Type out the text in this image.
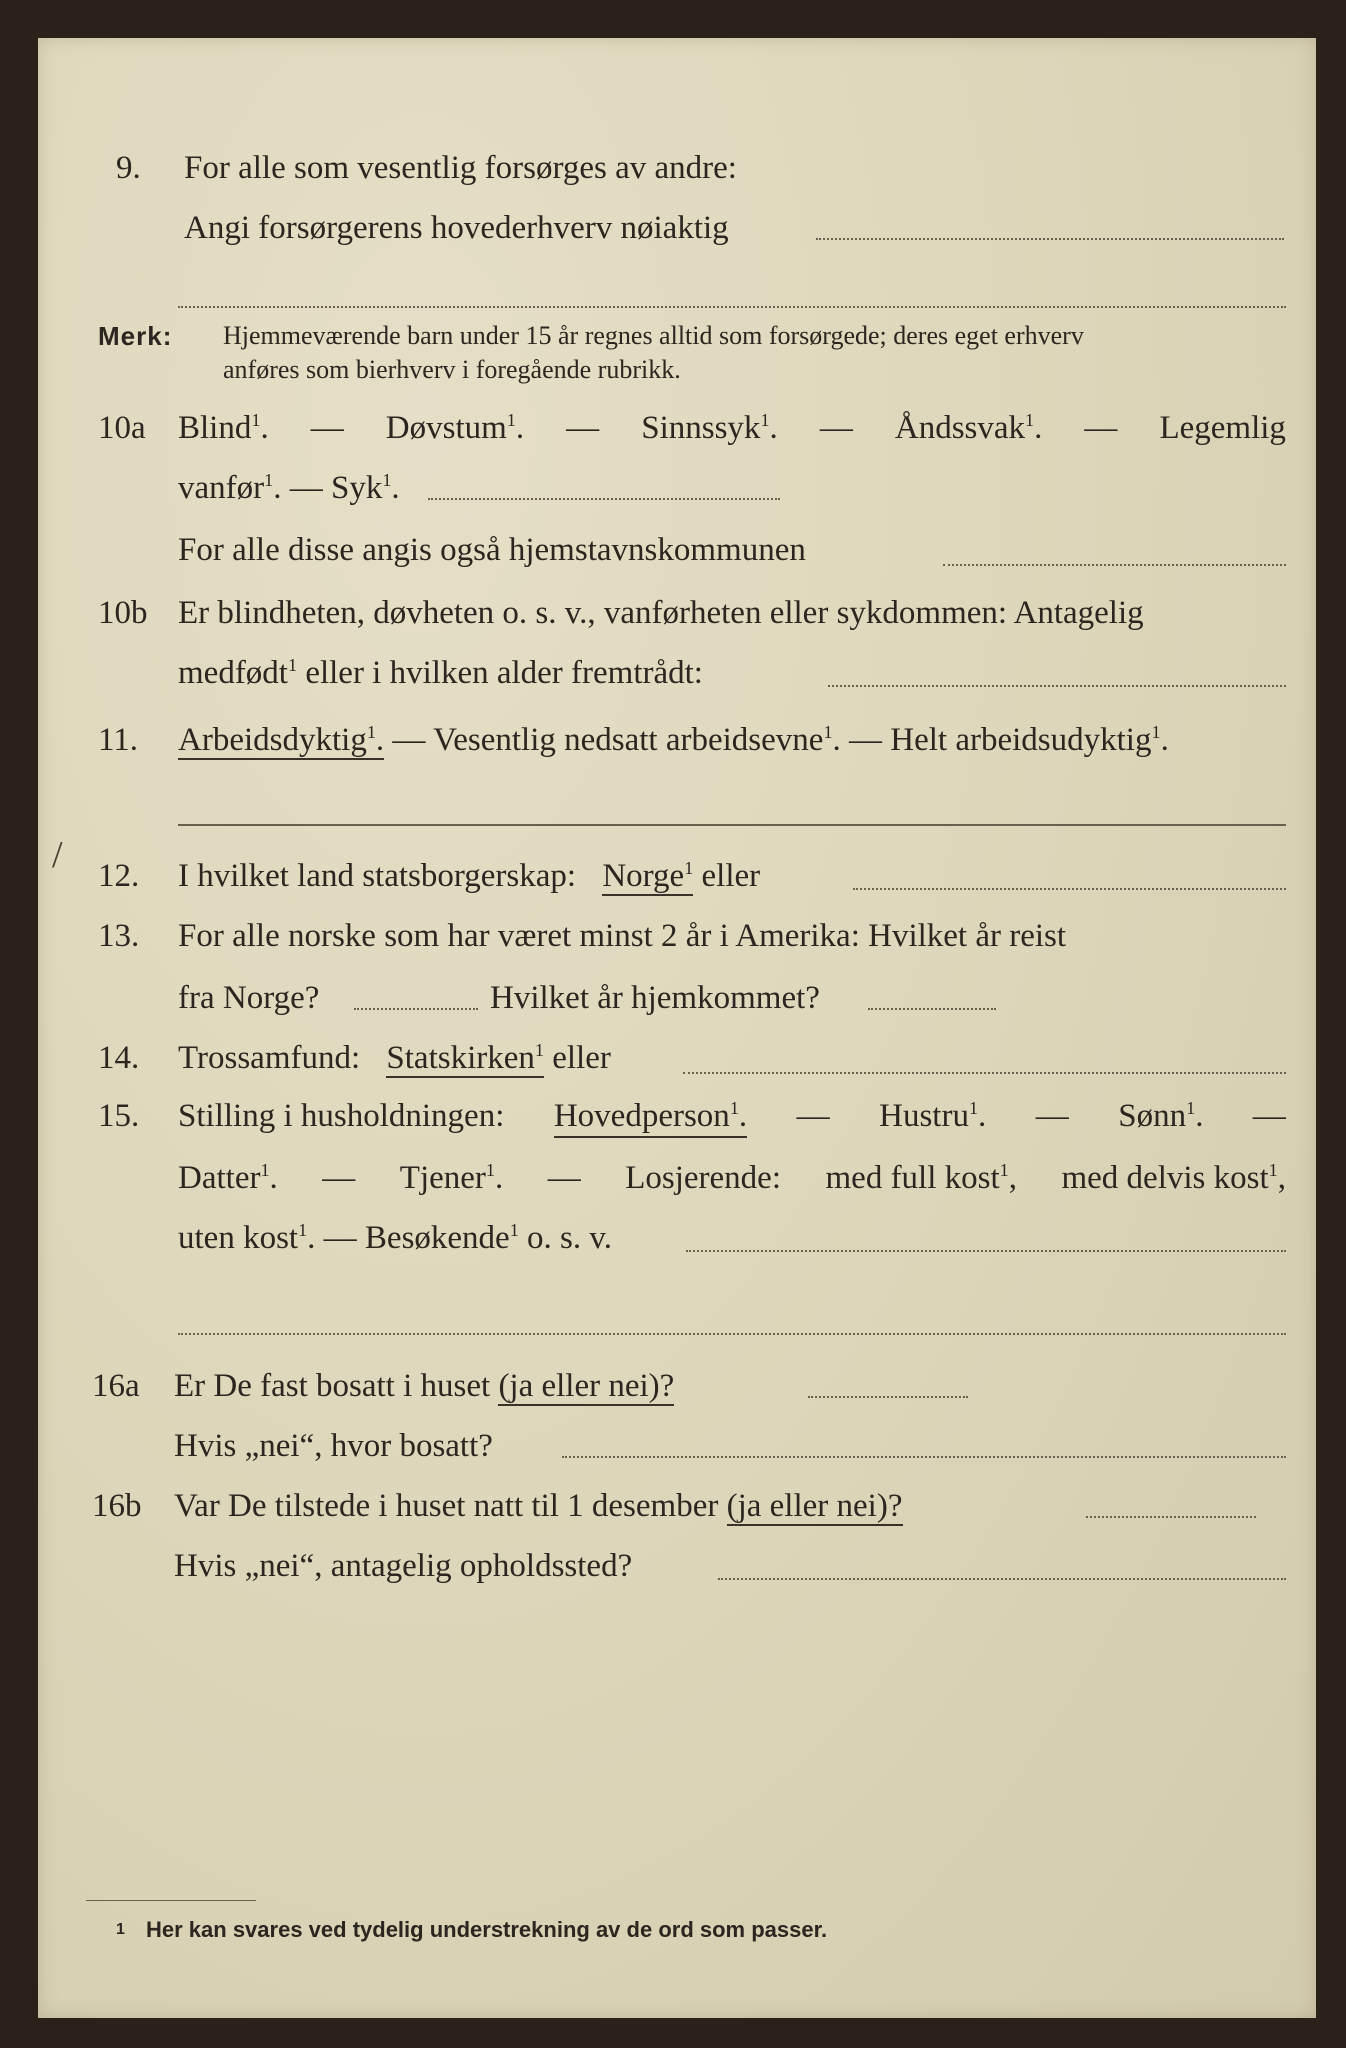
9.	For alle som vesentlig forsørges av andre:
Angi forsørgerens hovederhverv nøiaktig
Merk: Hjemmeværende barn under 15 år regnes alltid som forsørgede; deres eget erhverv
anføres som bierhverv i foregående rubrikk.
10a Blind$^1$. — Døvstum$^1$. — Sinnssyk$^1$. — Åndssvak$^1$. — Legemlig
vanfør$^1$. — Syk$^1$.
For alle disse angis også hjemstavnskommunen
10b Er blindheten, døvheten o. s. v., vanførheten eller sykdommen: Antagelig
medfødt$^1$ eller i hvilken alder fremtrådt:
11.	Arbeidsdyktig$^1$. — Vesentlig nedsatt arbeidsevne$^1$. — Helt arbeidsudyktig$^1$.
/ 12.	I hvilket land statsborgerskap: Norge$^1$ eller
13.	For alle norske som har været minst 2 år i Amerika: Hvilket år reist
fra Norge?	Hvilket år hjemkommet?
14.	Trossamfund: Statskirken$^1$ eller
15.	Stilling i husholdningen: Hovedperson$^1$. — Hustru$^1$. — Sønn$^1$. —
Datter$^1$. — Tjener$^1$. — Losjerende: med full kost$^1$, med delvis kost$^1$,
uten kost$^1$. — Besøkende$^1$ o. s. v.
16a	Er De fast bosatt i huset (ja eller nei)?
Hvis „nei“, hvor bosatt?
16b Var De tilstede i huset natt til 1 desember (ja eller nei)?
Hvis „nei“, antagelig opholdssted?
1 Her kan svares ved tydelig understrekning av de ord som passer.
